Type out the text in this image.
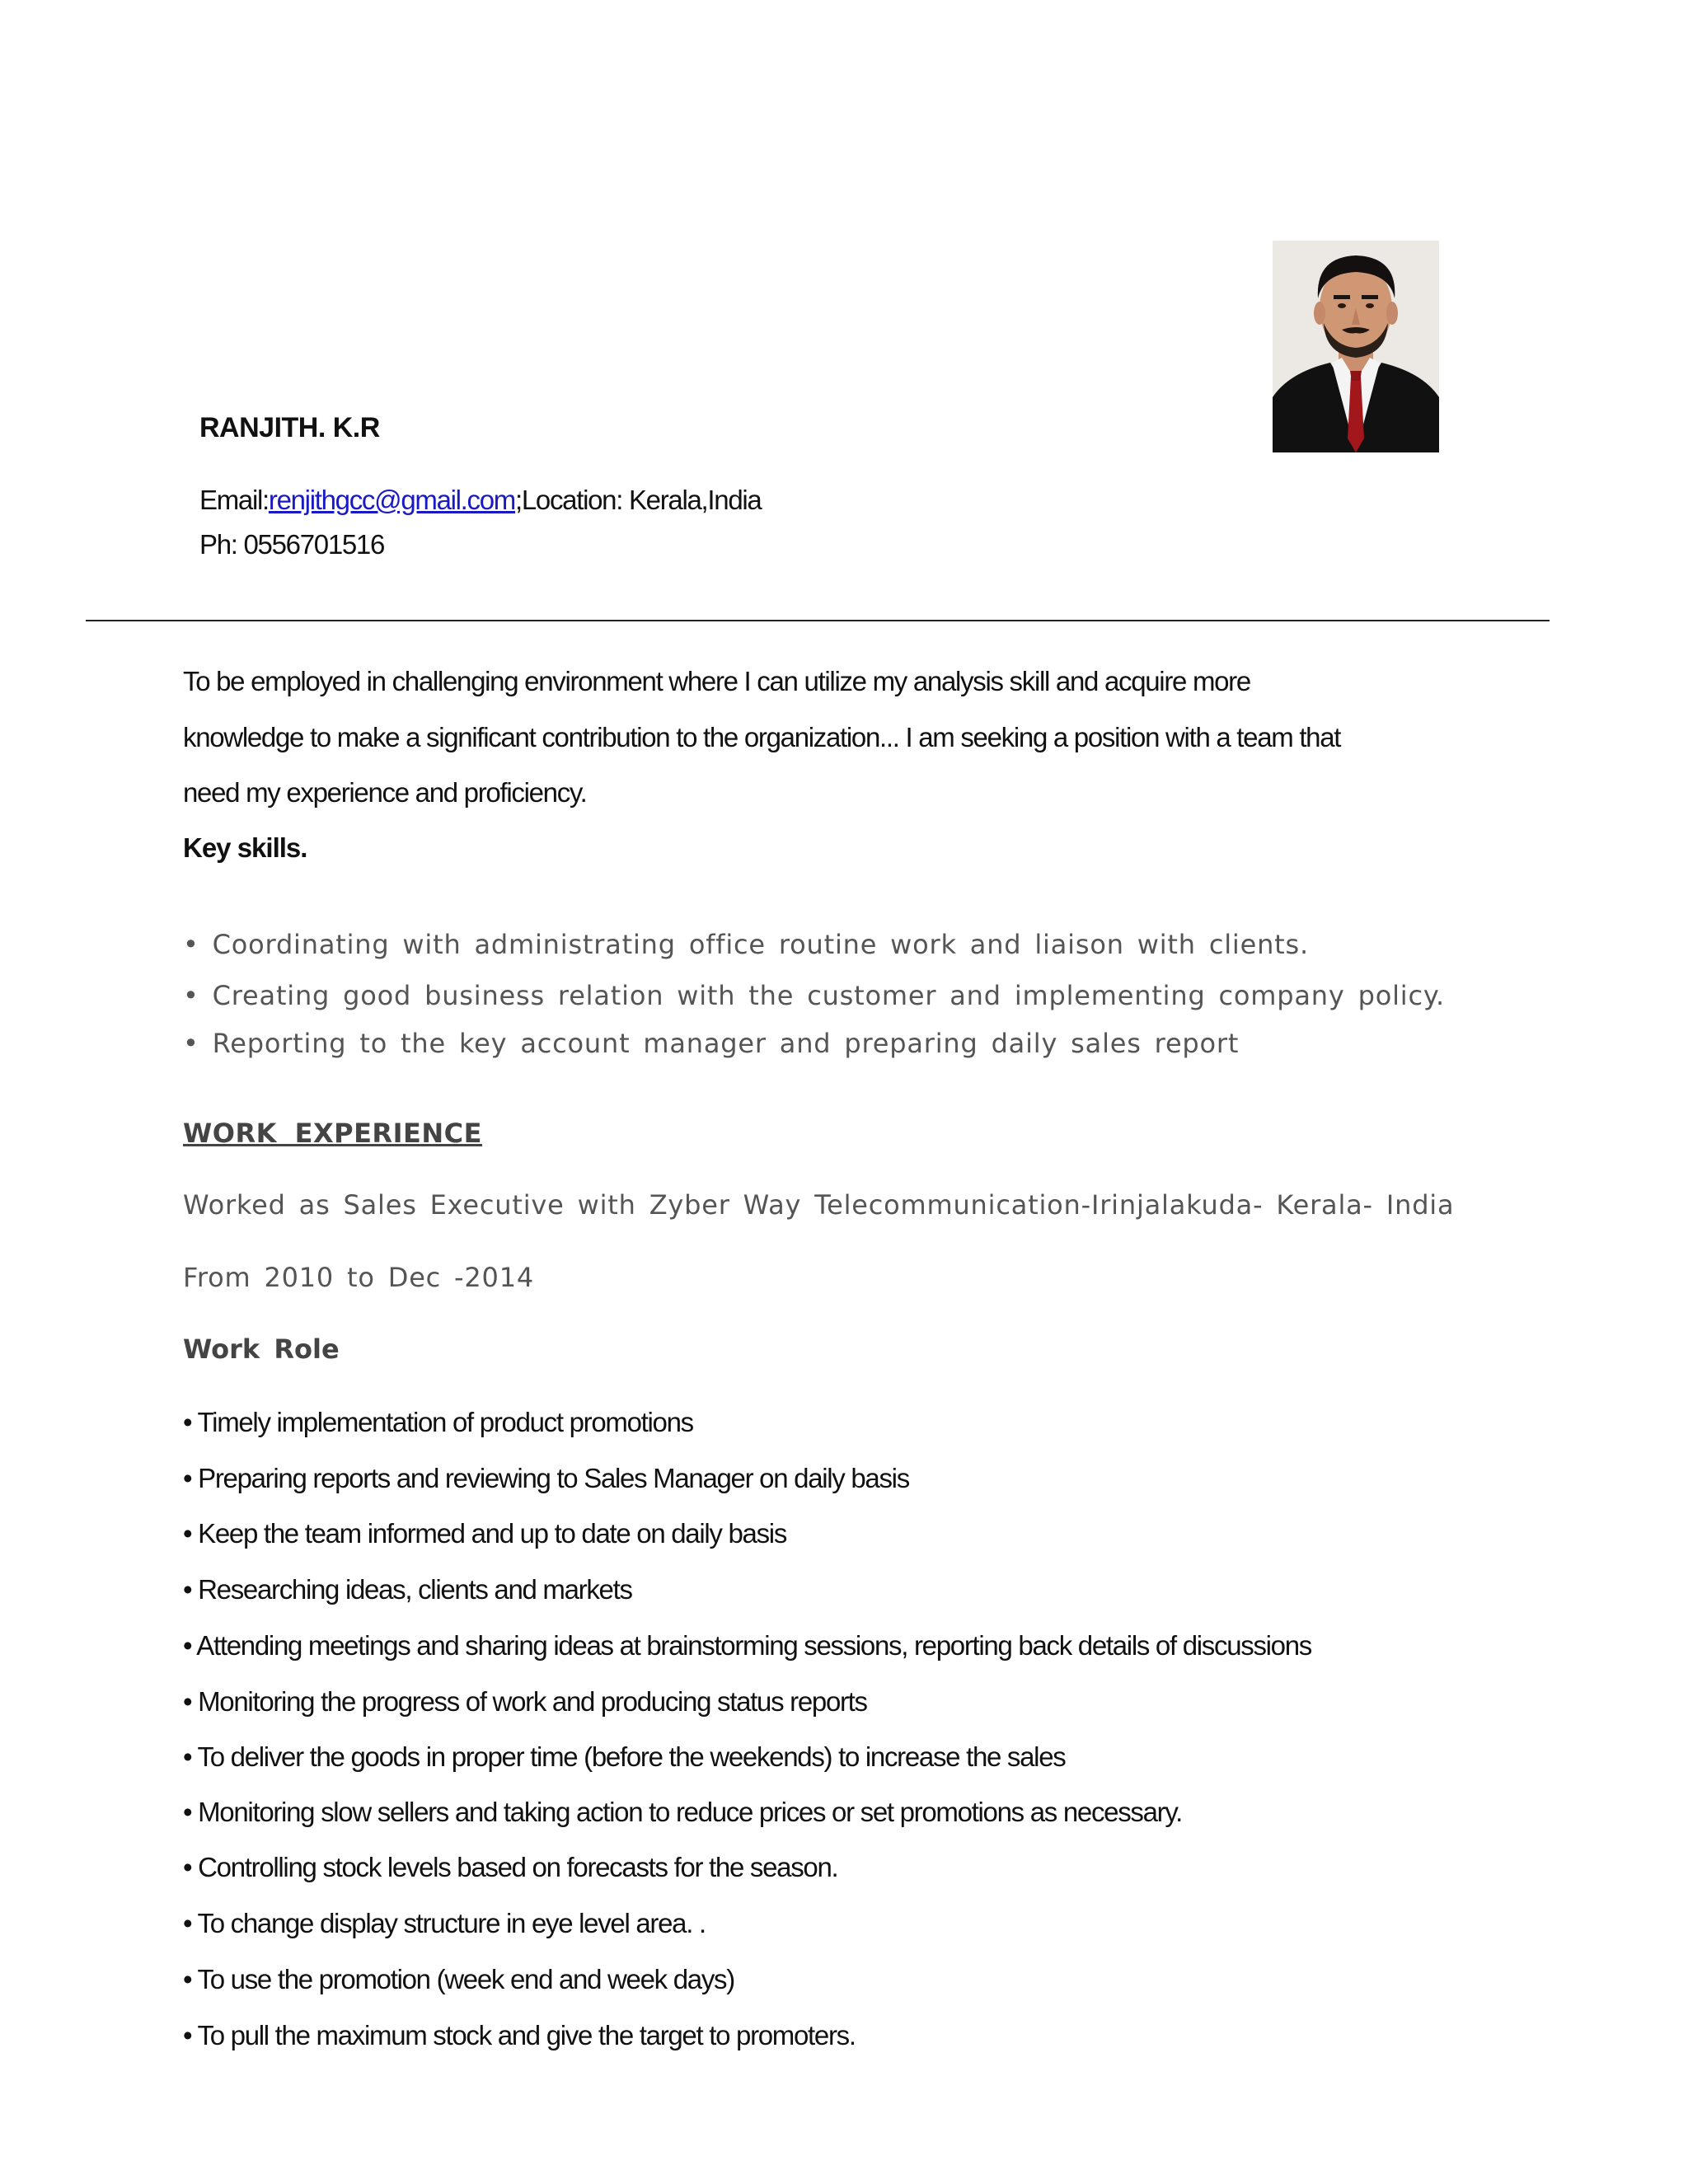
RANJITH. K.R
Email:renjithgcc@gmail.com;Location: Kerala,India
Ph: 0556701516
To be employed in challenging environment where I can utilize my analysis skill and acquire more
knowledge to make a significant contribution to the organization... I am seeking a position with a team that
need my experience and proficiency.
Key skills.
• Coordinating with administrating office routine work and liaison with clients.
• Creating good business relation with the customer and implementing company policy.
• Reporting to the key account manager and preparing daily sales report
WORK EXPERIENCE
Worked as Sales Executive with Zyber Way Telecommunication-Irinjalakuda- Kerala- India
From 2010 to Dec -2014
Work Role
• Timely implementation of product promotions
• Preparing reports and reviewing to Sales Manager on daily basis
• Keep the team informed and up to date on daily basis
• Researching ideas, clients and markets
• Attending meetings and sharing ideas at brainstorming sessions, reporting back details of discussions
• Monitoring the progress of work and producing status reports
• To deliver the goods in proper time (before the weekends) to increase the sales
• Monitoring slow sellers and taking action to reduce prices or set promotions as necessary.
• Controlling stock levels based on forecasts for the season.
• To change display structure in eye level area. .
• To use the promotion (week end and week days)
• To pull the maximum stock and give the target to promoters.
